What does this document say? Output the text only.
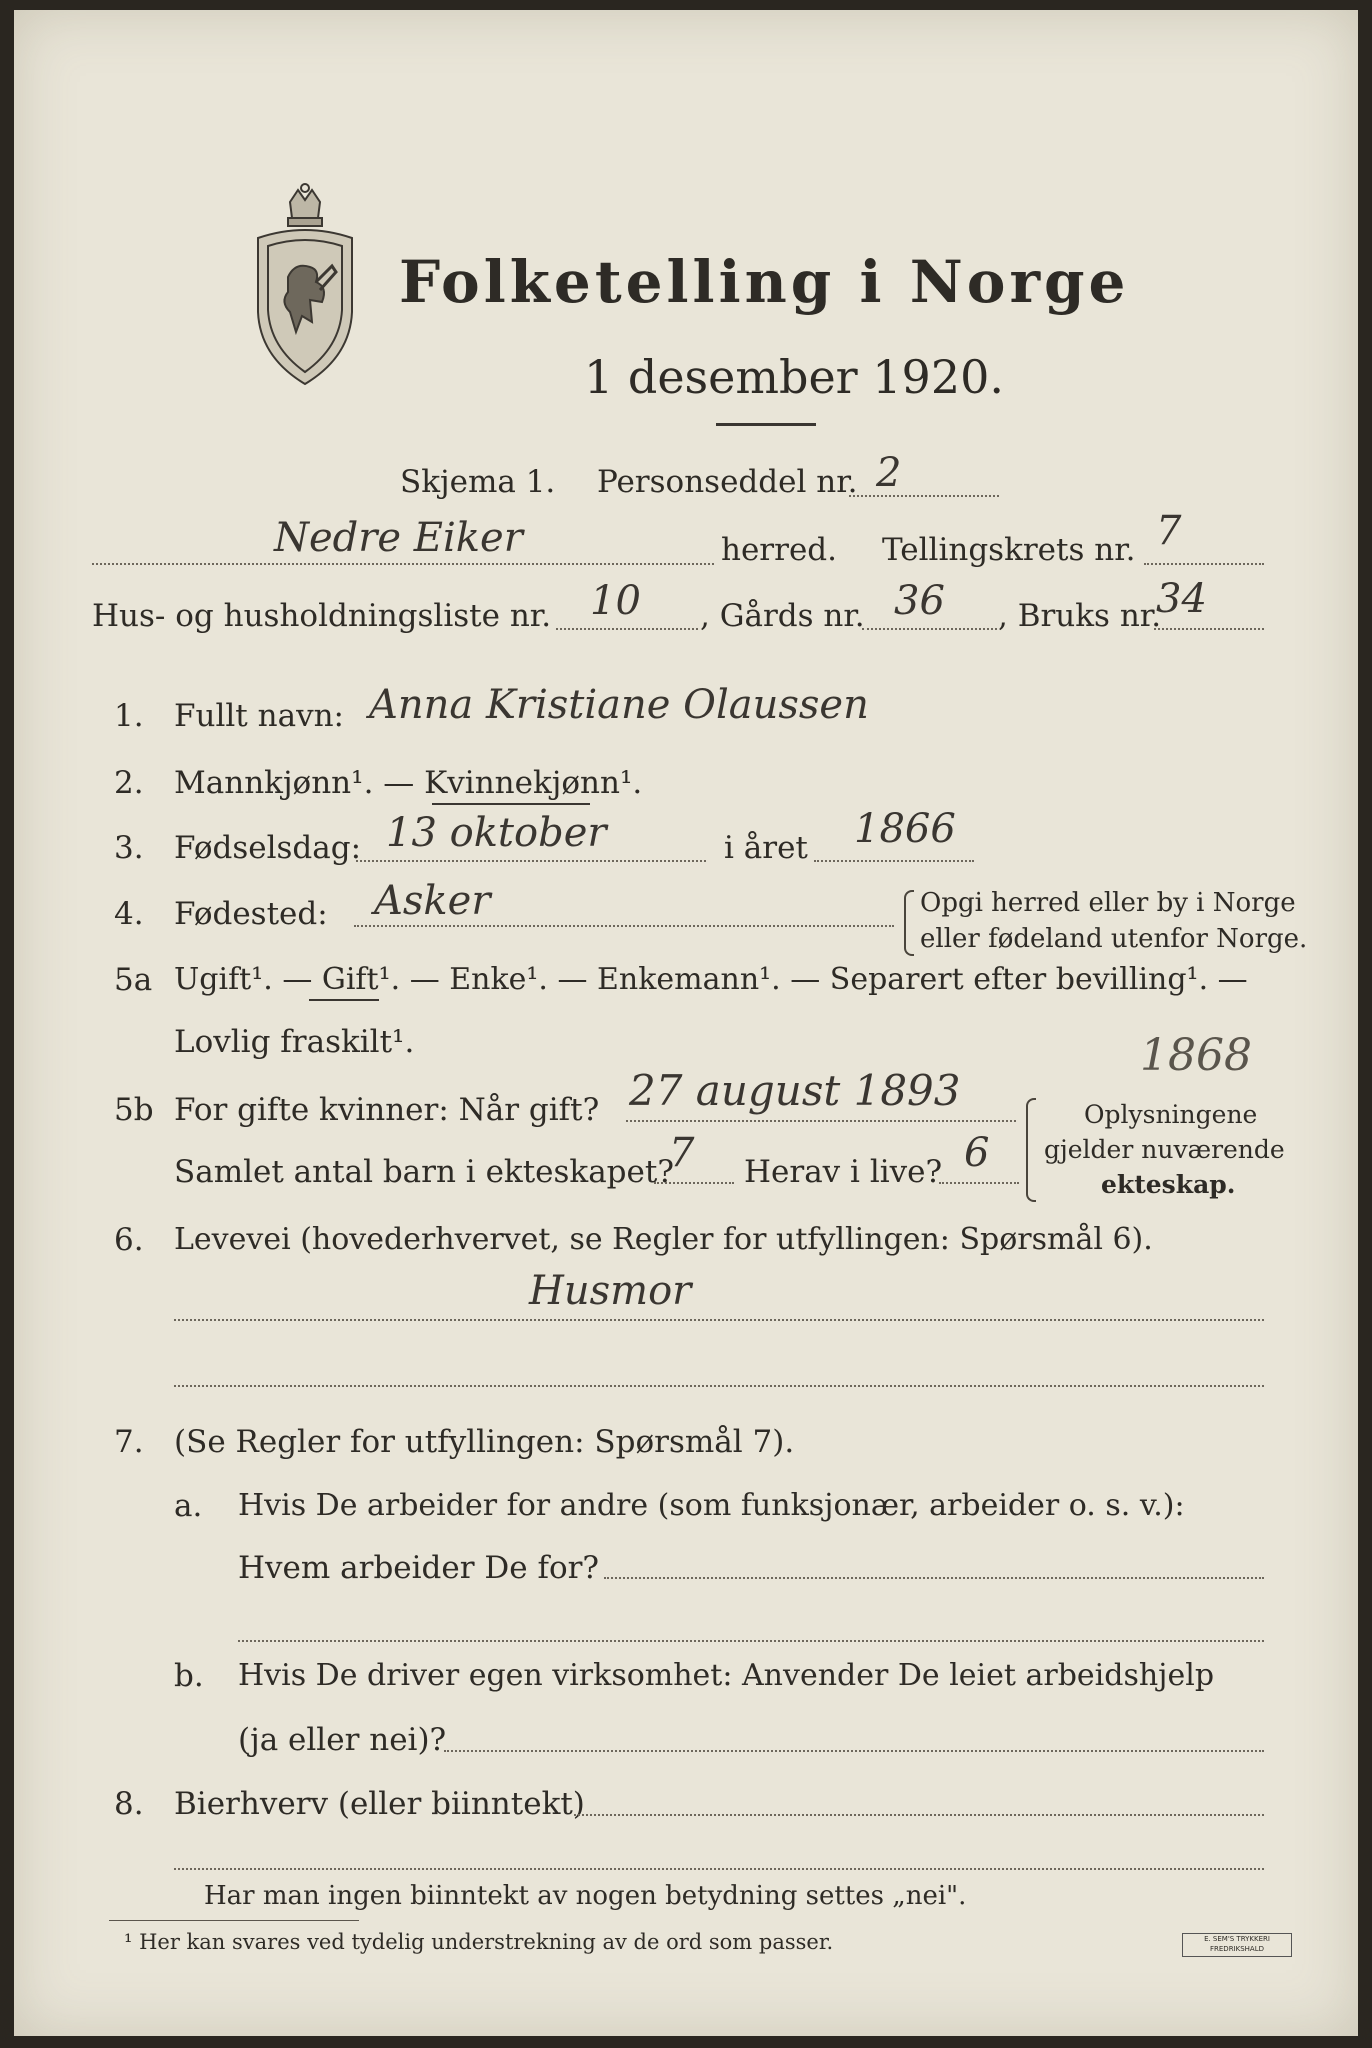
Folketelling i Norge
1 desember 1920.
Skjema 1. Personseddel nr. 2
Nedre Eiker	herred. Tellingskrets nr. 7
Hus- og husholdningsliste nr. 10 , Gårds nr. 36 , Bruks nr.
34
1. Fullt navn: Anna Kristiane Olaussen
2. Mannkjønn¹. — Kvinnekjønn¹.
3. Fødselsdag: 13 oktober	i året 1866
4. Fødested: Asker	Opgi herred eller by i Norge
eller fødeland utenfor Norge.
5a Ugift¹. — Gift¹. — Enke¹. — Enkemann¹. — Separert efter bevilling¹. —
Lovlig fraskilt¹.
5b For gifte kvinner: Når gift? 27 august 1893
1868
Samlet antal barn i ekteskapet?
7 Herav i live? 6
Oplysningene
gjelder nuværende
ekteskap.
6. Levevei (hovederhvervet, se Regler for utfyllingen: Spørsmål 6).
Husmor
7. (Se Regler for utfyllingen: Spørsmål 7).
a. Hvis De arbeider for andre (som funksjonær, arbeider o. s. v.):
Hvem arbeider De for?
b. Hvis De driver egen virksomhet: Anvender De leiet arbeidshjelp
(ja eller nei)?
8. Bierhverv (eller biinntekt)
Har man ingen biinntekt av nogen betydning settes „nei".
¹ Her kan svares ved tydelig understrekning av de ord som passer.	E. SEM'S TRYKKERI FREDRIKSHALD
